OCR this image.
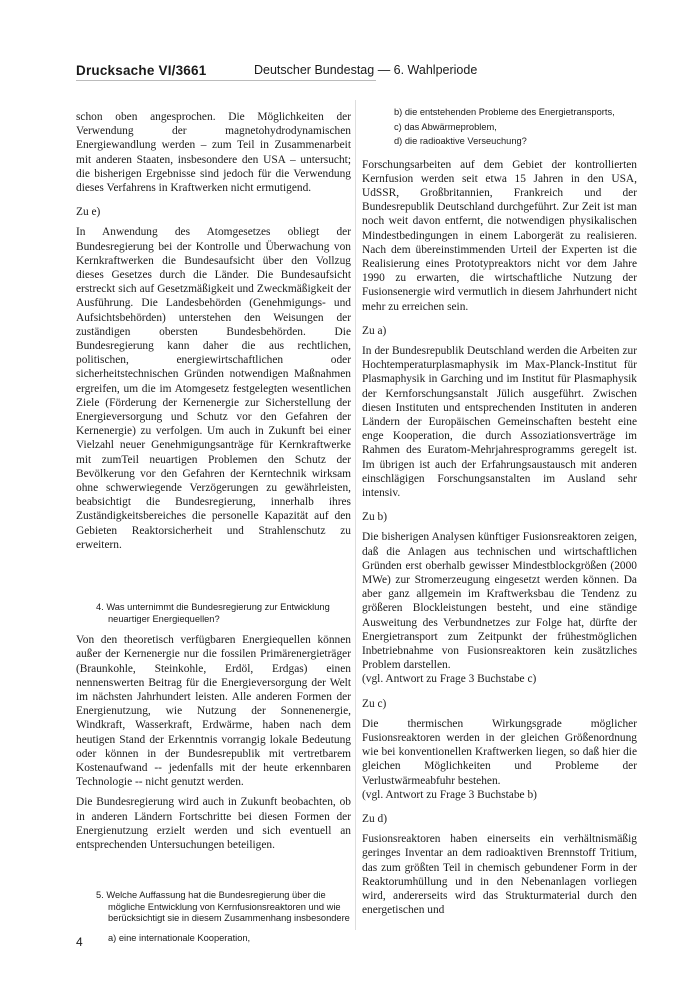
Drucksache VI/3661	Deutscher Bundestag — 6. Wahlperiode

schon oben angesprochen. Die Möglichkeiten der Verwendung der magnetohydrodynamischen Energiewandlung werden – zum Teil in Zusammenarbeit mit anderen Staaten, insbesondere den USA – untersucht; die bisherigen Ergebnisse sind jedoch für die Verwendung dieses Verfahrens in Kraftwerken nicht ermutigend.

Zu e)

In Anwendung des Atomgesetzes obliegt der Bundesregierung bei der Kontrolle und Überwachung von Kernkraftwerken die Bundesaufsicht über den Vollzug dieses Gesetzes durch die Länder. Die Bundesaufsicht erstreckt sich auf Gesetzmäßigkeit und Zweckmäßigkeit der Ausführung. Die Landesbehörden (Genehmigungs- und Aufsichtsbehörden) unterstehen den Weisungen der zuständigen obersten Bundesbehörden. Die Bundesregierung kann daher die aus rechtlichen, politischen, energiewirtschaftlichen oder sicherheitstechnischen Gründen notwendigen Maßnahmen ergreifen, um die im Atomgesetz festgelegten wesentlichen Ziele (Förderung der Kernenergie zur Sicherstellung der Energieversorgung und Schutz vor den Gefahren der Kernenergie) zu verfolgen. Um auch in Zukunft bei einer Vielzahl neuer Genehmigungsanträge für Kernkraftwerke mit zumTeil neuartigen Problemen den Schutz der Bevölkerung vor den Gefahren der Kerntechnik wirksam ohne schwerwiegende Verzögerungen zu gewährleisten, beabsichtigt die Bundesregierung, innerhalb ihres Zuständigkeitsbereiches die personelle Kapazität auf den Gebieten Reaktorsicherheit und Strahlenschutz zu erweitern.

4. Was unternimmt die Bundesregierung zur Entwicklung neuartiger Energiequellen?

Von den theoretisch verfügbaren Energiequellen können außer der Kernenergie nur die fossilen Primärenergieträger (Braunkohle, Steinkohle, Erdöl, Erdgas) einen nennenswerten Beitrag für die Energieversorgung der Welt im nächsten Jahrhundert leisten. Alle anderen Formen der Energienutzung, wie Nutzung der Sonnenenergie, Windkraft, Wasserkraft, Erdwärme, haben nach dem heutigen Stand der Erkenntnis vorrangig lokale Bedeutung oder können in der Bundesrepublik mit vertretbarem Kostenaufwand -- jedenfalls mit der heute erkennbaren Technologie -- nicht genutzt werden.

Die Bundesregierung wird auch in Zukunft beobachten, ob in anderen Ländern Fortschritte bei diesen Formen der Energienutzung erzielt werden und sich eventuell an entsprechenden Untersuchungen beteiligen.

5. Welche Auffassung hat die Bundesregierung über die mögliche Entwicklung von Kernfusionsreaktoren und wie berücksichtigt sie in diesem Zusammenhang insbesondere
a) eine internationale Kooperation,
b) die entstehenden Probleme des Energietransports,
c) das Abwärmeproblem,
d) die radioaktive Verseuchung?

Forschungsarbeiten auf dem Gebiet der kontrollierten Kernfusion werden seit etwa 15 Jahren in den USA, UdSSR, Großbritannien, Frankreich und der Bundesrepublik Deutschland durchgeführt. Zur Zeit ist man noch weit davon entfernt, die notwendigen physikalischen Mindestbedingungen in einem Laborgerät zu realisieren. Nach dem übereinstimmenden Urteil der Experten ist die Realisierung eines Prototypreaktors nicht vor dem Jahre 1990 zu erwarten, die wirtschaftliche Nutzung der Fusionsenergie wird vermutlich in diesem Jahrhundert nicht mehr zu erreichen sein.

Zu a)

In der Bundesrepublik Deutschland werden die Arbeiten zur Hochtemperaturplasmaphysik im Max-Planck-Institut für Plasmaphysik in Garching und im Institut für Plasmaphysik der Kernforschungsanstalt Jülich ausgeführt. Zwischen diesen Instituten und entsprechenden Instituten in anderen Ländern der Europäischen Gemeinschaften besteht eine enge Kooperation, die durch Assoziationsverträge im Rahmen des Euratom-Mehrjahresprogramms geregelt ist. Im übrigen ist auch der Erfahrungsaustausch mit anderen einschlägigen Forschungsanstalten im Ausland sehr intensiv.

Zu b)

Die bisherigen Analysen künftiger Fusionsreaktoren zeigen, daß die Anlagen aus technischen und wirtschaftlichen Gründen erst oberhalb gewisser Mindestblockgrößen (2000 MWe) zur Stromerzeugung eingesetzt werden können. Da aber ganz allgemein im Kraftwerksbau die Tendenz zu größeren Blockleistungen besteht, und eine ständige Ausweitung des Verbundnetzes zur Folge hat, dürfte der Energietransport zum Zeitpunkt der frühestmöglichen Inbetriebnahme von Fusionsreaktoren kein zusätzliches Problem darstellen.

(vgl. Antwort zu Frage 3 Buchstabe c)

Zu c)

Die thermischen Wirkungsgrade möglicher Fusionsreaktoren werden in der gleichen Größenordnung wie bei konventionellen Kraftwerken liegen, so daß hier die gleichen Möglichkeiten und Probleme der Verlustwärmeabfuhr bestehen.

(vgl. Antwort zu Frage 3 Buchstabe b)

Zu d)

Fusionsreaktoren haben einerseits ein verhältnismäßig geringes Inventar an dem radioaktiven Brennstoff Tritium, das zum größten Teil in chemisch gebundener Form in der Reaktorumhüllung und in den Nebenanlagen vorliegen wird, andererseits wird das Strukturmaterial durch den energetischen und

4
